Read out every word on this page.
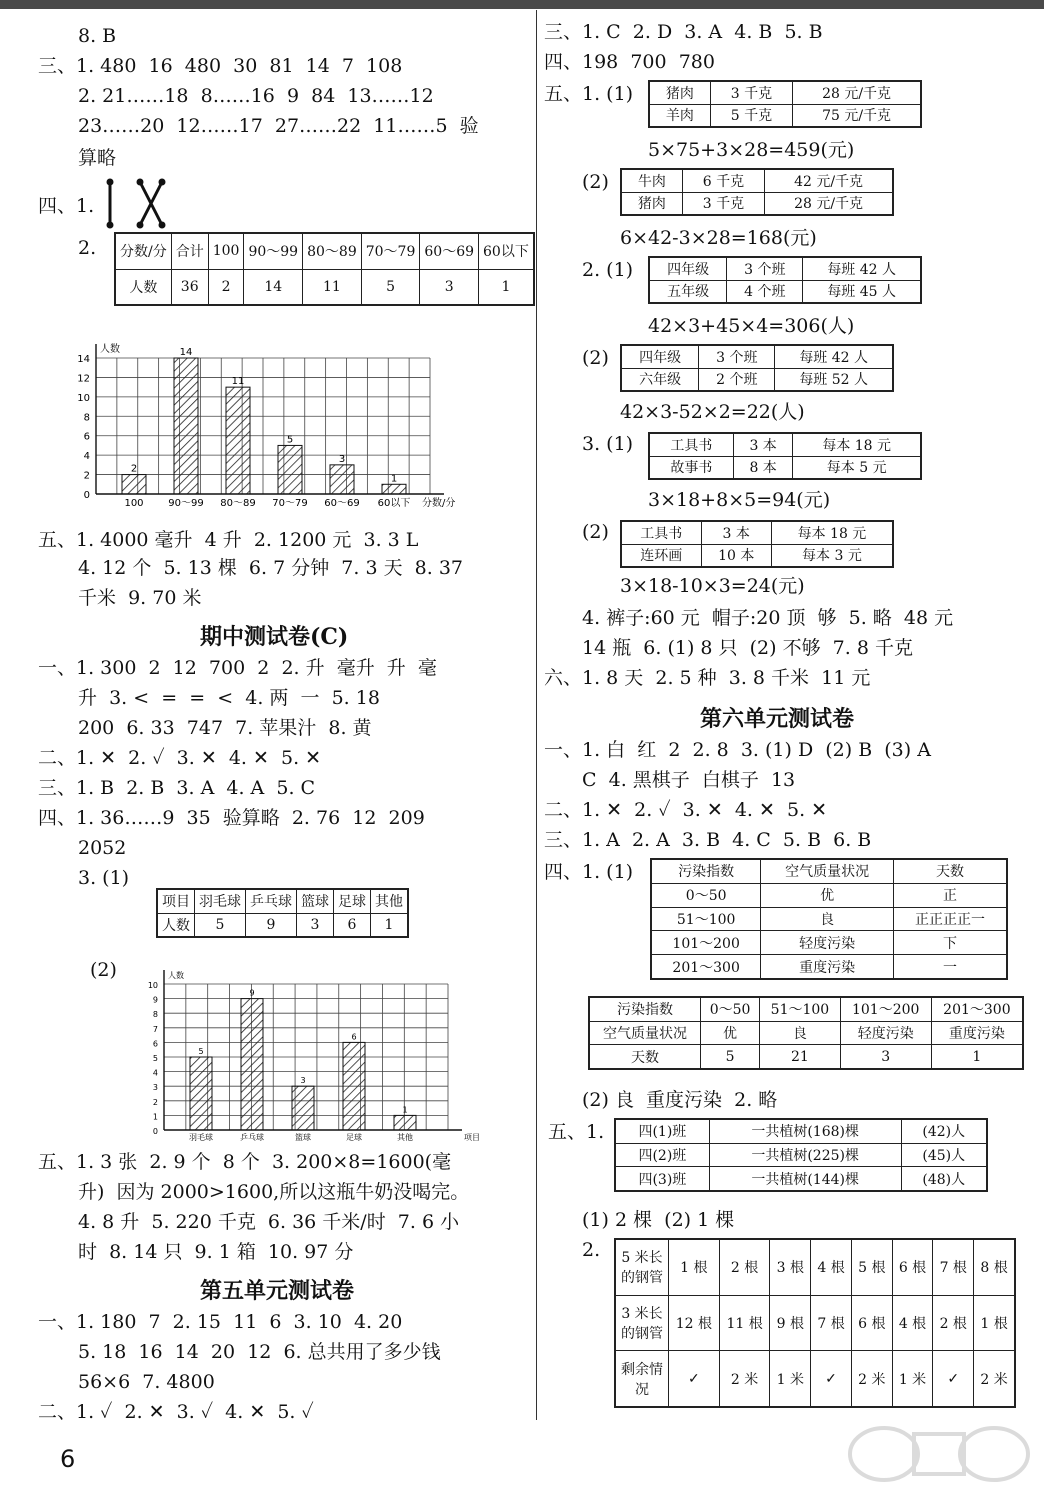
8. B
三、1. 480  16  480  30  81  14  7  108
2. 21……18  8……16  9  84  13……12
23……20  12……17  27……22  11……5  验
算略
四、1.
2. 分数/分	合计	100	90～99	80～89	70～79	60～69	60以下
人数	36	2	14	11	5	3	1
0
2
4
6
8
10
12
14
人数
分数/分
2
100
14
90～99
11
80～89
5
70～79
3
60～69
1
60以下
五、1. 4000 毫升  4 升  2. 1200 元  3. 3 L
4. 12 个  5. 13 棵  6. 7 分钟  7. 3 天  8. 37
千米  9. 70 米
期中测试卷(C)
一、1. 300  2  12  700  2  2. 升  毫升  升  毫
升  3. <  =  =  <  4. 两  一  5. 18
200  6. 33  747  7. 苹果汁  8. 黄
二、1. ✕  2. ✓  3. ✕  4. ✕  5. ✕
三、1. B  2. B  3. A  4. A  5. C
四、1. 36……9  35  验算略  2. 76  12  209
2052
3. (1)
项目	羽毛球	乒乓球	篮球	足球	其他
人数	5	9	3	6	1
(2)
0
1
2
3
4
5
6
7
8
9
10
人数
项目
5
羽毛球
9
乒乓球
3
篮球
6
足球
1
其他
五、1. 3 张  2. 9 个  8 个  3. 200×8=1600(毫
升)  因为 2000>1600,所以这瓶牛奶没喝完。
4. 8 升  5. 220 千克  6. 36 千米/时  7. 6 小
时  8. 14 只  9. 1 箱  10. 97 分
第五单元测试卷
一、1. 180  7  2. 15  11  6  3. 10  4. 20
5. 18  16  14  20  12  6. 总共用了多少钱
56×6  7. 4800
二、1. ✓  2. ✕  3. ✓  4. ✕  5. ✓
6
三、1. C  2. D  3. A  4. B  5. B
四、198  700  780
五、1. (1) 猪肉	3 千克	28 元/千克
羊肉	5 千克	75 元/千克
5×75+3×28=459(元)
(2) 牛肉	6 千克	42 元/千克
猪肉	3 千克	28 元/千克
6×42-3×28=168(元)
2. (1) 四年级	3 个班	每班 42 人
五年级	4 个班	每班 45 人
42×3+45×4=306(人)
(2) 四年级	3 个班	每班 42 人
六年级	2 个班	每班 52 人
42×3-52×2=22(人)
3. (1)	工具书	3 本	每本 18 元
故事书	8 本	每本 5 元
3×18+8×5=94(元)
(2) 工具书	3 本	每本 18 元
连环画	10 本	每本 3 元
3×18-10×3=24(元)
4. 裤子:60 元  帽子:20 顶  够  5. 略  48 元
14 瓶  6. (1) 8 只  (2) 不够  7. 8 千克
六、1. 8 天  2. 5 种  3. 8 千米  11 元
第六单元测试卷
一、1. 白  红  2  2. 8  3. (1) D  (2) B  (3) A
C  4. 黑棋子  白棋子  13
二、1. ✕  2. ✓  3. ✕  4. ✕  5. ✕
三、1. A  2. A  3. B  4. C  5. B  6. B
四、1. (1)	污染指数	空气质量状况	天数
0～50	优	正
51～100	良	正正正正一
101～200	轻度污染	下
201～300	重度污染	一
污染指数	0～50	51～100	101～200	201～300
空气质量状况	优	良	轻度污染	重度污染
天数	5	21	3	1
(2) 良  重度污染  2. 略
五、1. 四(1)班	一共植树(168)棵	(42)人
四(2)班	一共植树(225)棵	(45)人
四(3)班	一共植树(144)棵	(48)人
(1) 2 棵  (2) 1 棵
2. 5 米长的钢管	1 根	2 根	3 根	4 根	5 根	6 根	7 根	8 根
3 米长的钢管	12 根	11 根	9 根	7 根	6 根	4 根	2 根	1 根
剩余情况	✓	2 米	1 米	✓	2 米	1 米	✓	2 米
